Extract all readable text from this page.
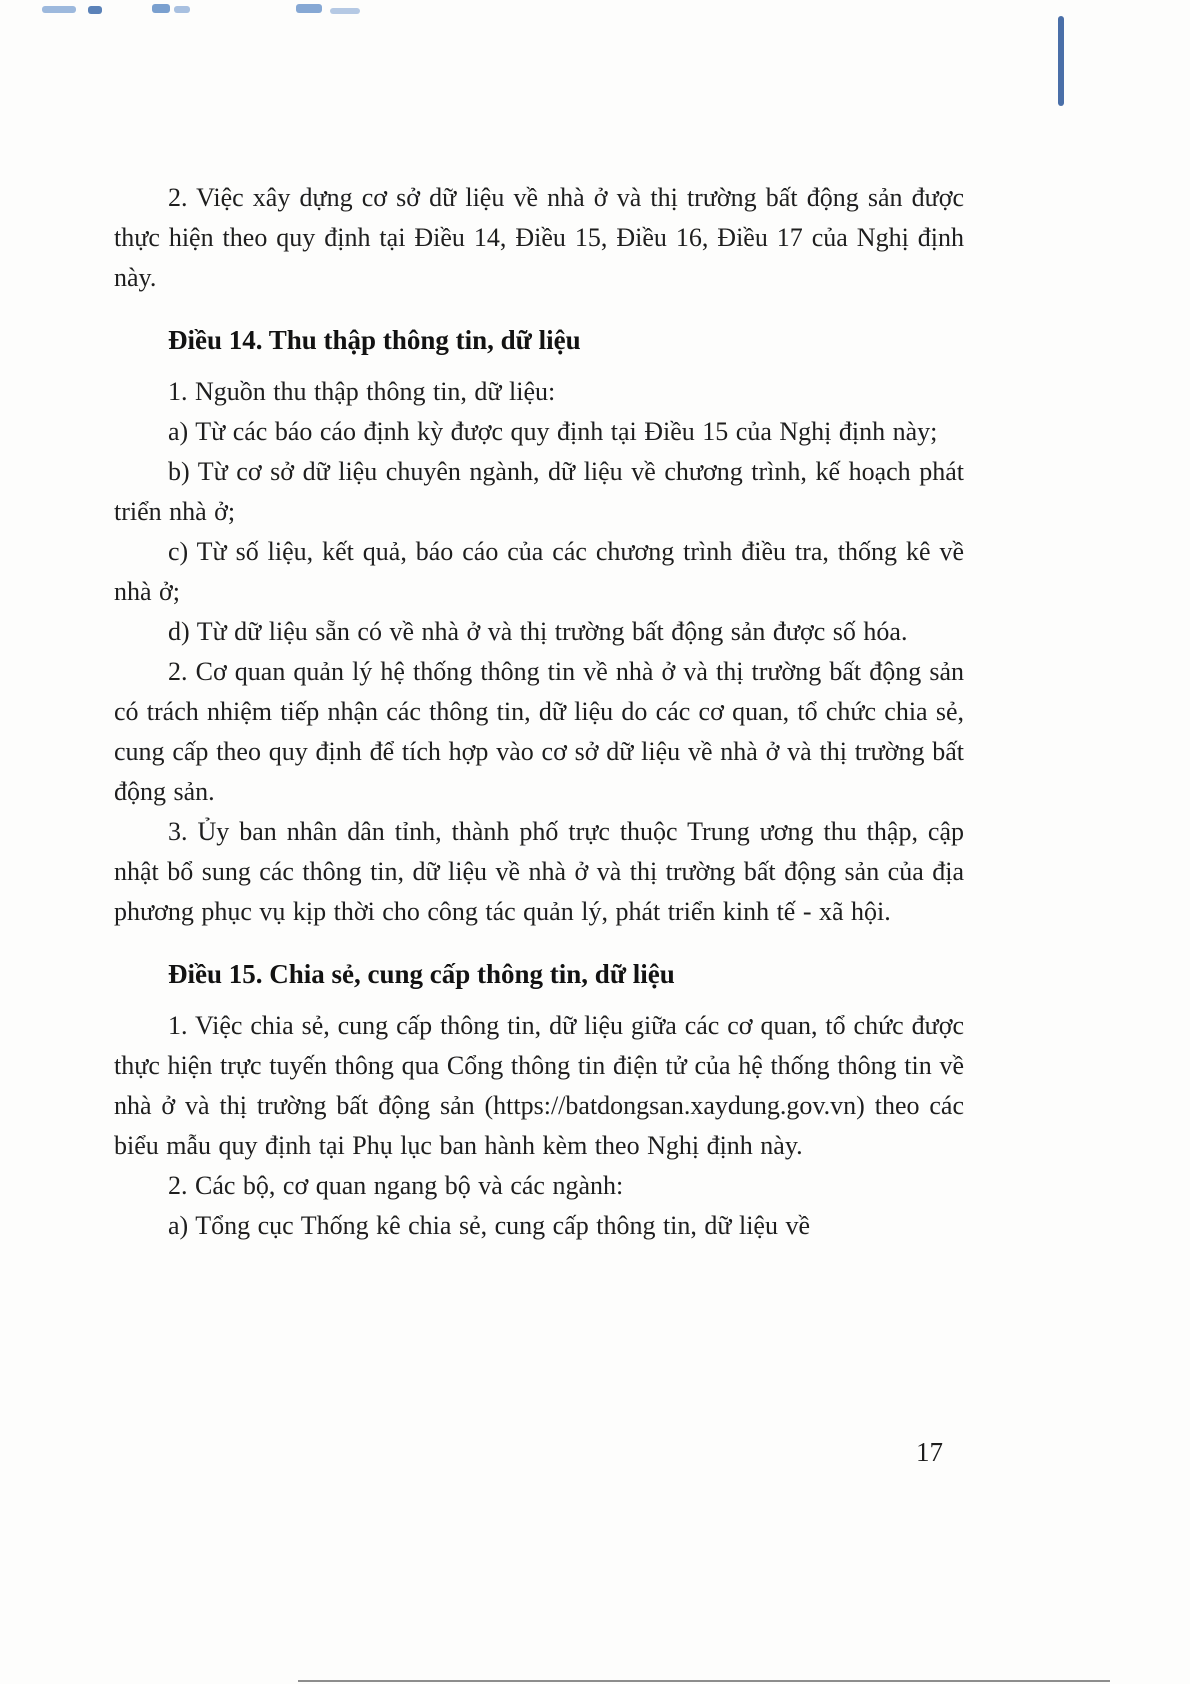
2. Việc xây dựng cơ sở dữ liệu về nhà ở và thị trường bất động sản được thực hiện theo quy định tại Điều 14, Điều 15, Điều 16, Điều 17 của Nghị định này.

Điều 14. Thu thập thông tin, dữ liệu

1. Nguồn thu thập thông tin, dữ liệu:

a) Từ các báo cáo định kỳ được quy định tại Điều 15 của Nghị định này;

b) Từ cơ sở dữ liệu chuyên ngành, dữ liệu về chương trình, kế hoạch phát triển nhà ở;

c) Từ số liệu, kết quả, báo cáo của các chương trình điều tra, thống kê về nhà ở;

d) Từ dữ liệu sẵn có về nhà ở và thị trường bất động sản được số hóa.

2. Cơ quan quản lý hệ thống thông tin về nhà ở và thị trường bất động sản có trách nhiệm tiếp nhận các thông tin, dữ liệu do các cơ quan, tổ chức chia sẻ, cung cấp theo quy định để tích hợp vào cơ sở dữ liệu về nhà ở và thị trường bất động sản.

3. Ủy ban nhân dân tỉnh, thành phố trực thuộc Trung ương thu thập, cập nhật bổ sung các thông tin, dữ liệu về nhà ở và thị trường bất động sản của địa phương phục vụ kịp thời cho công tác quản lý, phát triển kinh tế - xã hội.

Điều 15. Chia sẻ, cung cấp thông tin, dữ liệu

1. Việc chia sẻ, cung cấp thông tin, dữ liệu giữa các cơ quan, tổ chức được thực hiện trực tuyến thông qua Cổng thông tin điện tử của hệ thống thông tin về nhà ở và thị trường bất động sản (https://batdongsan.xaydung.gov.vn) theo các biểu mẫu quy định tại Phụ lục ban hành kèm theo Nghị định này.

2. Các bộ, cơ quan ngang bộ và các ngành:

a) Tổng cục Thống kê chia sẻ, cung cấp thông tin, dữ liệu về

17
